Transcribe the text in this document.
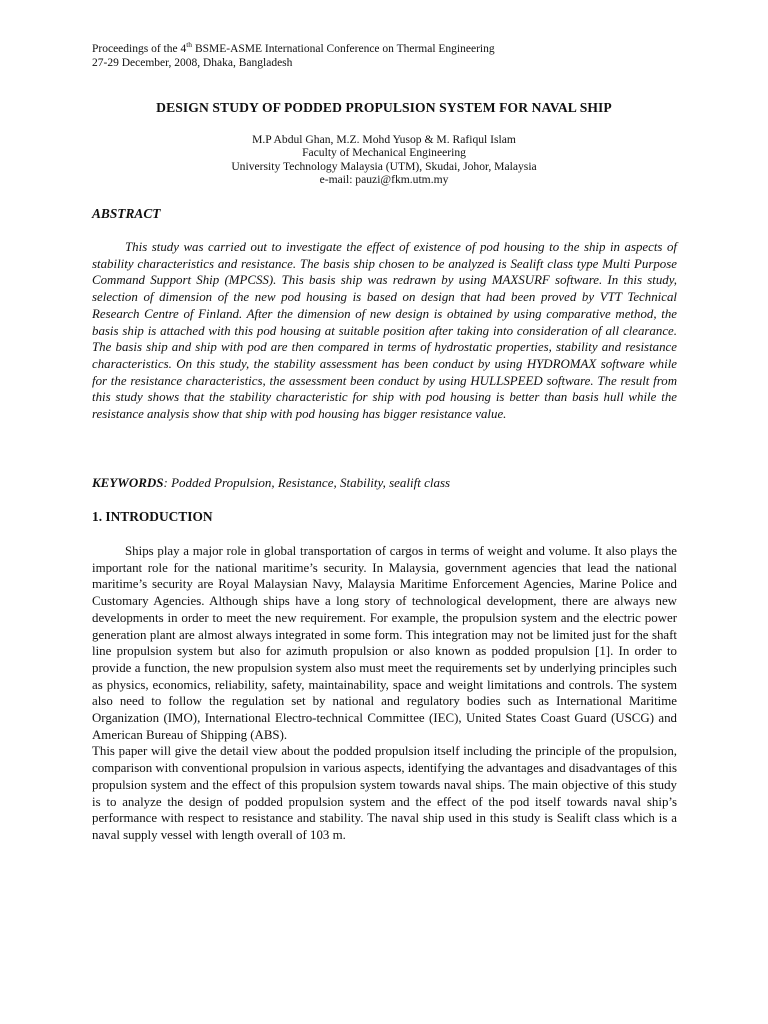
Proceedings of the 4th BSME-ASME International Conference on Thermal Engineering
27-29 December, 2008, Dhaka, Bangladesh
DESIGN STUDY OF PODDED PROPULSION SYSTEM FOR NAVAL SHIP
M.P Abdul Ghan, M.Z. Mohd Yusop & M. Rafiqul Islam
Faculty of Mechanical Engineering
University Technology Malaysia (UTM), Skudai, Johor, Malaysia
e-mail: pauzi@fkm.utm.my
ABSTRACT

This study was carried out to investigate the effect of existence of pod housing to the ship in aspects of stability characteristics and resistance. The basis ship chosen to be analyzed is Sealift class type Multi Purpose Command Support Ship (MPCSS). This basis ship was redrawn by using MAXSURF software. In this study, selection of dimension of the new pod housing is based on design that had been proved by VTT Technical Research Centre of Finland. After the dimension of new design is obtained by using comparative method, the basis ship is attached with this pod housing at suitable position after taking into consideration of all clearance. The basis ship and ship with pod are then compared in terms of hydrostatic properties, stability and resistance characteristics. On this study, the stability assessment has been conduct by using HYDROMAX software while for the resistance characteristics, the assessment been conduct by using HULLSPEED software. The result from this study shows that the stability characteristic for ship with pod housing is better than basis hull while the resistance analysis show that ship with pod housing has bigger resistance value.

KEYWORDS: Podded Propulsion, Resistance, Stability, sealift class
1. INTRODUCTION

Ships play a major role in global transportation of cargos in terms of weight and volume. It also plays the important role for the national maritime’s security. In Malaysia, government agencies that lead the national maritime’s security are Royal Malaysian Navy, Malaysia Maritime Enforcement Agencies, Marine Police and Customary Agencies. Although ships have a long story of technological development, there are always new developments in order to meet the new requirement. For example, the propulsion system and the electric power generation plant are almost always integrated in some form. This integration may not be limited just for the shaft line propulsion system but also for azimuth propulsion or also known as podded propulsion [1]. In order to provide a function, the new propulsion system also must meet the requirements set by underlying principles such as physics, economics, reliability, safety, maintainability, space and weight limitations and controls. The system also need to follow the regulation set by national and regulatory bodies such as International Maritime Organization (IMO), International Electro-technical Committee (IEC), United States Coast Guard (USCG) and American Bureau of Shipping (ABS).

This paper will give the detail view about the podded propulsion itself including the principle of the propulsion, comparison with conventional propulsion in various aspects, identifying the advantages and disadvantages of this propulsion system and the effect of this propulsion system towards naval ships. The main objective of this study is to analyze the design of podded propulsion system and the effect of the pod itself towards naval ship’s performance with respect to resistance and stability. The naval ship used in this study is Sealift class which is a naval supply vessel with length overall of 103 m.
